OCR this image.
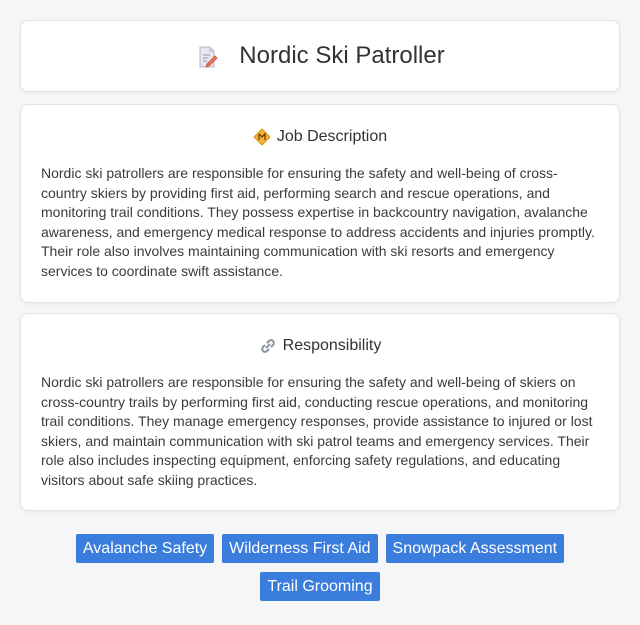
Nordic Ski Patroller
Job Description

Nordic ski patrollers are responsible for ensuring the safety and well-being of cross-country skiers by providing first aid, performing search and rescue operations, and monitoring trail conditions. They possess expertise in backcountry navigation, avalanche awareness, and emergency medical response to address accidents and injuries promptly. Their role also involves maintaining communication with ski resorts and emergency services to coordinate swift assistance.

Responsibility

Nordic ski patrollers are responsible for ensuring the safety and well-being of skiers on cross-country trails by performing first aid, conducting rescue operations, and monitoring trail conditions. They manage emergency responses, provide assistance to injured or lost skiers, and maintain communication with ski patrol teams and emergency services. Their role also includes inspecting equipment, enforcing safety regulations, and educating visitors about safe skiing practices.

Avalanche Safety	Wilderness First Aid	Snowpack Assessment
Trail Grooming
